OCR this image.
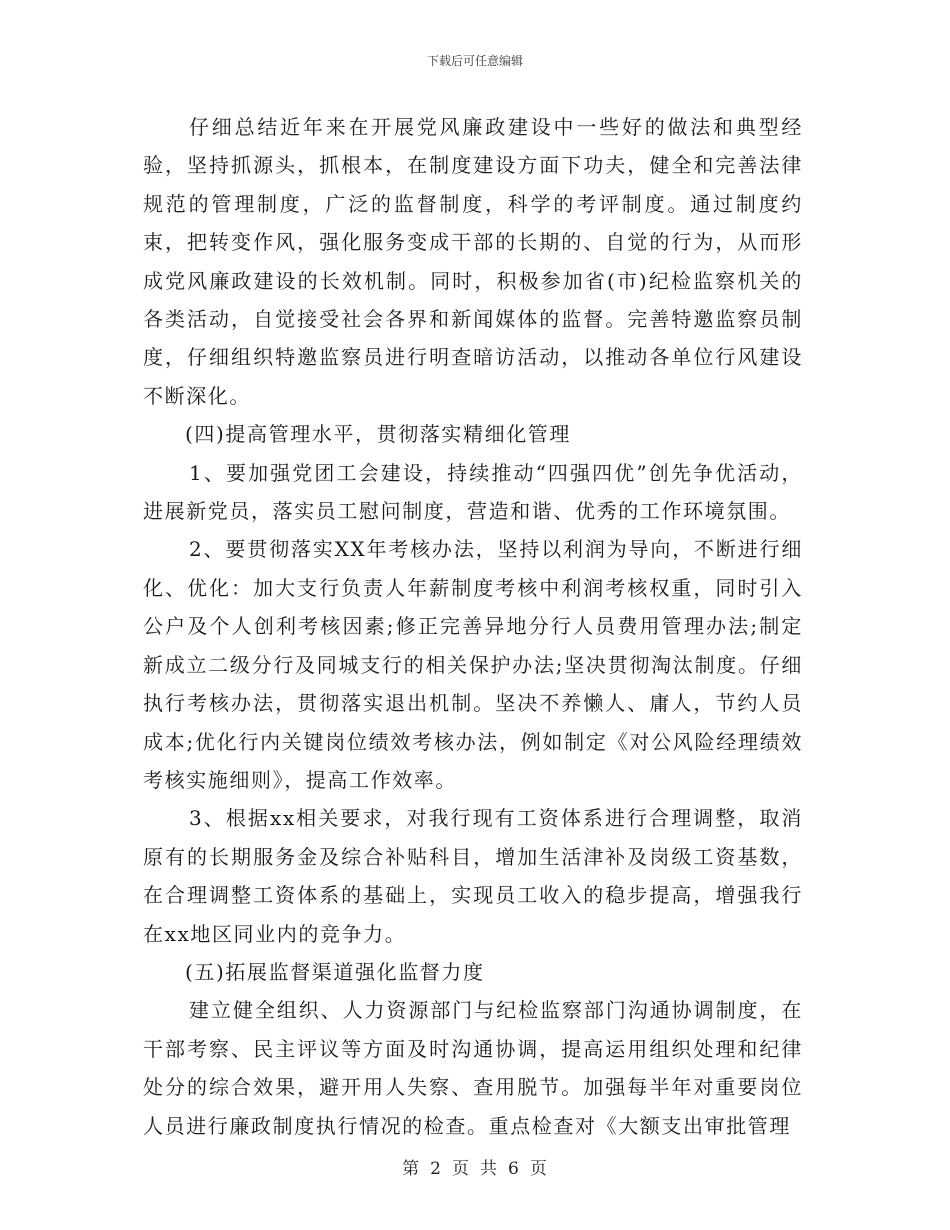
下载后可任意编辑

仔细总结近年来在开展党风廉政建设中一些好的做法和典型经验，坚持抓源头，抓根本，在制度建设方面下功夫，健全和完善法律规范的管理制度，广泛的监督制度，科学的考评制度。通过制度约束，把转变作风，强化服务变成干部的长期的、自觉的行为，从而形成党风廉政建设的长效机制。同时，积极参加省(市)纪检监察机关的各类活动，自觉接受社会各界和新闻媒体的监督。完善特邀监察员制度，仔细组织特邀监察员进行明查暗访活动，以推动各单位行风建设不断深化。

(四)提高管理水平，贯彻落实精细化管理

1、要加强党团工会建设，持续推动“四强四优”创先争优活动，进展新党员，落实员工慰问制度，营造和谐、优秀的工作环境氛围。

2、要贯彻落实XX年考核办法，坚持以利润为导向，不断进行细化、优化：加大支行负责人年薪制度考核中利润考核权重，同时引入公户及个人创利考核因素;修正完善异地分行人员费用管理办法;制定新成立二级分行及同城支行的相关保护办法;坚决贯彻淘汰制度。仔细执行考核办法，贯彻落实退出机制。坚决不养懒人、庸人，节约人员成本;优化行内关键岗位绩效考核办法，例如制定《对公风险经理绩效考核实施细则》，提高工作效率。

3、根据xx相关要求，对我行现有工资体系进行合理调整，取消原有的长期服务金及综合补贴科目，增加生活津补及岗级工资基数，在合理调整工资体系的基础上，实现员工收入的稳步提高，增强我行在xx地区同业内的竞争力。

(五)拓展监督渠道强化监督力度

建立健全组织、人力资源部门与纪检监察部门沟通协调制度，在干部考察、民主评议等方面及时沟通协调，提高运用组织处理和纪律处分的综合效果，避开用人失察、查用脱节。加强每半年对重要岗位人员进行廉政制度执行情况的检查。重点检查对《大额支出审批管理

第 2 页 共 6 页
